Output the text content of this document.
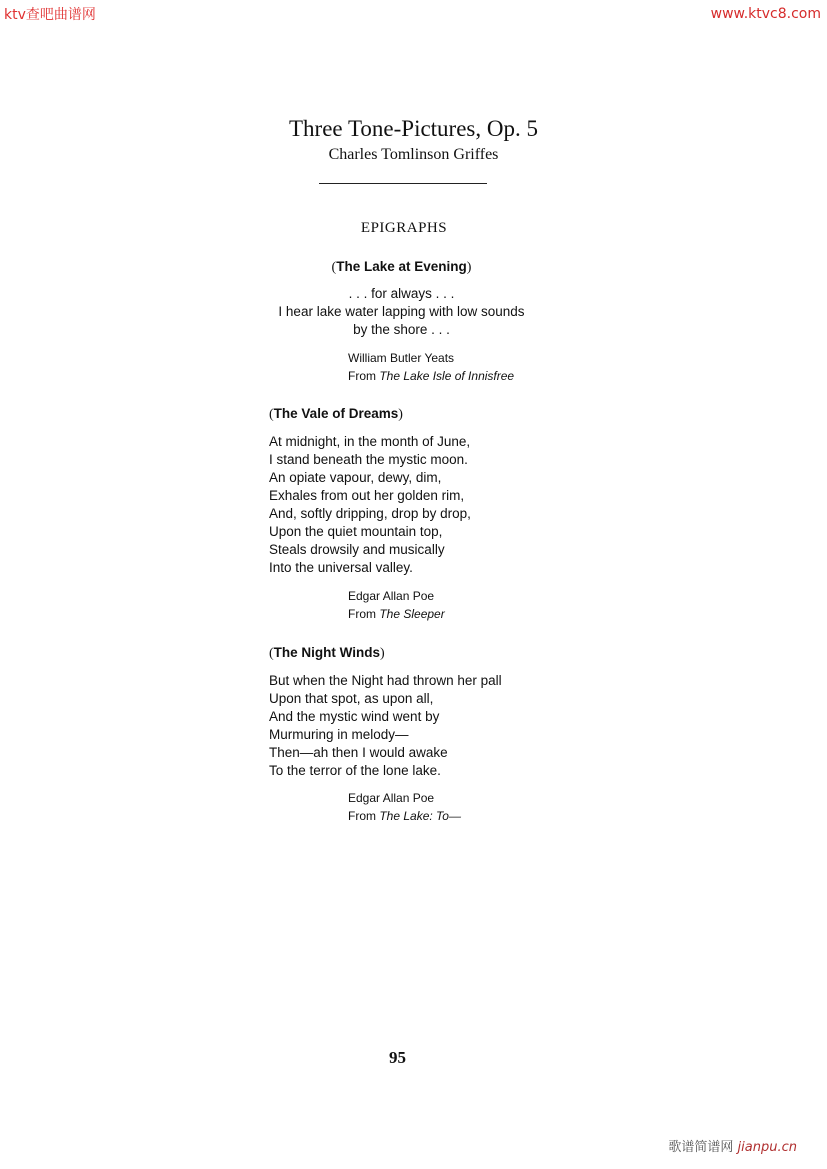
ktv查吧曲谱网	www.ktvc8.com
歌谱简谱网 jianpu.cn
Three Tone-Pictures, Op. 5
Charles Tomlinson Griffes
EPIGRAPHS
(The Lake at Evening)
. . . for always . . .
I hear lake water lapping with low sounds
by the shore . . .
William Butler Yeats
From The Lake Isle of Innisfree
(The Vale of Dreams)
At midnight, in the month of June,
I stand beneath the mystic moon.
An opiate vapour, dewy, dim,
Exhales from out her golden rim,
And, softly dripping, drop by drop,
Upon the quiet mountain top,
Steals drowsily and musically
Into the universal valley.
Edgar Allan Poe
From The Sleeper
(The Night Winds)
But when the Night had thrown her pall
Upon that spot, as upon all,
And the mystic wind went by
Murmuring in melody—
Then—ah then I would awake
To the terror of the lone lake.
Edgar Allan Poe
From The Lake: To—
95
